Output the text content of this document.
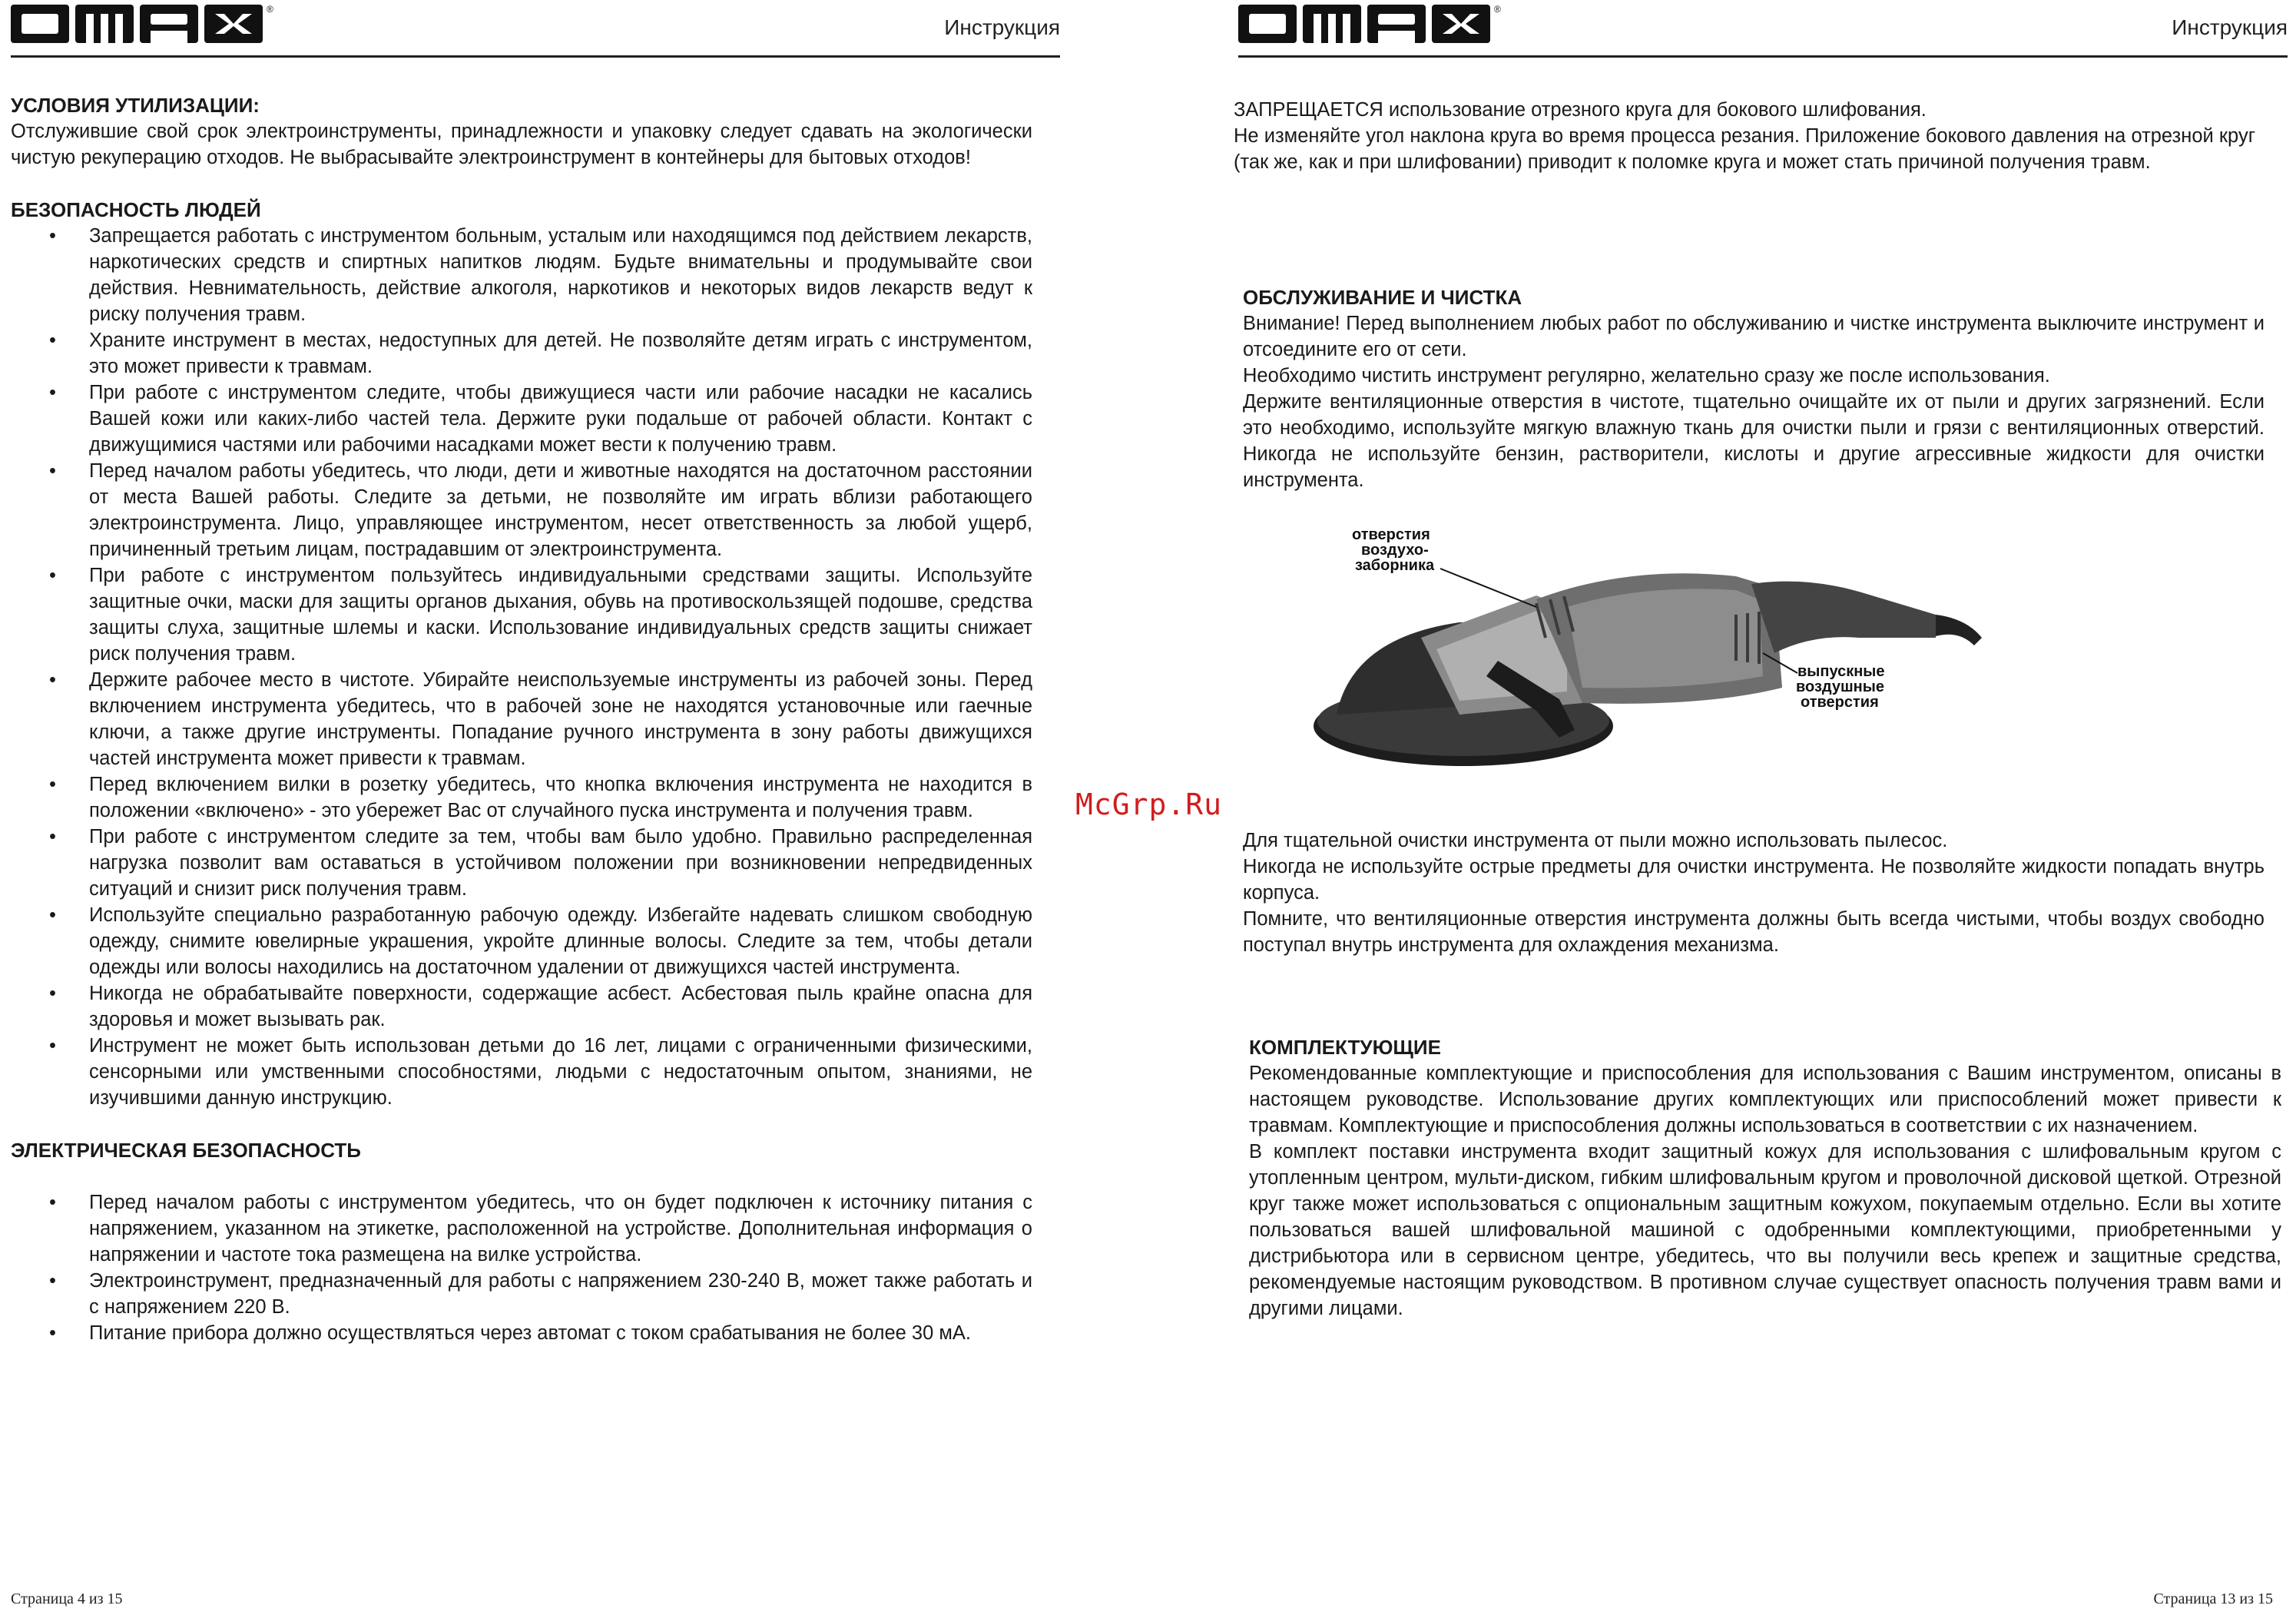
®
Инструкция
УСЛОВИЯ УТИЛИЗАЦИИ:

Отслужившие свой срок электроинструменты, принадлежности и упаковку следует сдавать на экологически чистую рекуперацию отходов. Не выбрасывайте электроинструмент в контейнеры для бытовых отходов!

БЕЗОПАСНОСТЬ ЛЮДЕЙ
• Запрещается работать с инструментом больным, усталым или находящимся под действием лекарств, наркотических средств и спиртных напитков людям. Будьте внимательны и продумывайте свои действия. Невнимательность, действие алкоголя, наркотиков и некоторых видов лекарств ведут к риску получения травм.
• Храните инструмент в местах, недоступных для детей. Не позволяйте детям играть с инструментом, это может привести к травмам.
• При работе с инструментом следите, чтобы движущиеся части или рабочие насадки не касались Вашей кожи или каких-либо частей тела. Держите руки подальше от рабочей области. Контакт с движущимися частями или рабочими насадками может вести к получению травм.
• Перед началом работы убедитесь, что люди, дети и животные находятся на достаточном расстоянии от места Вашей работы. Следите за детьми, не позволяйте им играть вблизи работающего электроинструмента. Лицо, управляющее инструментом, несет ответственность за любой ущерб, причиненный третьим лицам, пострадавшим от электроинструмента.
• При работе с инструментом пользуйтесь индивидуальными средствами защиты. Используйте защитные очки, маски для защиты органов дыхания, обувь на противоскользящей подошве, средства защиты слуха, защитные шлемы и каски. Использование индивидуальных средств защиты снижает риск получения травм.
• Держите рабочее место в чистоте. Убирайте неиспользуемые инструменты из рабочей зоны. Перед включением инструмента убедитесь, что в рабочей зоне не находятся установочные или гаечные ключи, а также другие инструменты. Попадание ручного инструмента в зону работы движущихся частей инструмента может привести к травмам.
• Перед включением вилки в розетку убедитесь, что кнопка включения инструмента не находится в положении «включено» - это убережет Вас от случайного пуска инструмента и получения травм.
• При работе с инструментом следите за тем, чтобы вам было удобно. Правильно распределенная нагрузка позволит вам оставаться в устойчивом положении при возникновении непредвиденных ситуаций и снизит риск получения травм.
• Используйте специально разработанную рабочую одежду. Избегайте надевать слишком свободную одежду, снимите ювелирные украшения, укройте длинные волосы. Следите за тем, чтобы детали одежды или волосы находились на достаточном удалении от движущихся частей инструмента.
• Никогда не обрабатывайте поверхности, содержащие асбест. Асбестовая пыль крайне опасна для здоровья и может вызывать рак.
• Инструмент не может быть использован детьми до 16 лет, лицами с ограниченными физическими, сенсорными или умственными способностями, людьми с недостаточным опытом, знаниями, не изучившими данную инструкцию.
ЭЛЕКТРИЧЕСКАЯ БЕЗОПАСНОСТЬ
• Перед началом работы с инструментом убедитесь, что он будет подключен к источнику питания с напряжением, указанном на этикетке, расположенной на устройстве. Дополнительная информация о напряжении и частоте тока размещена на вилке устройства.
• Электроинструмент, предназначенный для работы с напряжением 230-240 В, может также работать и с напряжением 220 В.
• Питание прибора должно осуществляться через автомат с током срабатывания не более 30 мА.
Страница 4 из 15
McGrp.Ru
®
Инструкция

ЗАПРЕЩАЕТСЯ использование отрезного круга для бокового шлифования.

Не изменяйте угол наклона круга во время процесса резания. Приложение бокового давления на отрезной круг (так же, как и при шлифовании) приводит к поломке круга и может стать причиной получения травм.

ОБСЛУЖИВАНИЕ И ЧИСТКА

Внимание! Перед выполнением любых работ по обслуживанию и чистке инструмента выключите инструмент и отсоедините его от сети.

Необходимо чистить инструмент регулярно, желательно сразу же после использования.

Держите вентиляционные отверстия в чистоте, тщательно очищайте их от пыли и других загрязнений. Если это необходимо, используйте мягкую влажную ткань для очистки пыли и грязи с вентиляционных отверстий. Никогда не используйте бензин, растворители, кислоты и другие агрессивные жидкости для очистки инструмента.

отверстия
воздухо-
заборника
выпускные
воздушные
отверстия

Для тщательной очистки инструмента от пыли можно использовать пылесос.

Никогда не используйте острые предметы для очистки инструмента. Не позволяйте жидкости попадать внутрь корпуса.

Помните, что вентиляционные отверстия инструмента должны быть всегда чистыми, чтобы воздух свободно поступал внутрь инструмента для охлаждения механизма.

КОМПЛЕКТУЮЩИЕ

Рекомендованные комплектующие и приспособления для использования с Вашим инструментом, описаны в настоящем руководстве. Использование других комплектующих или приспособлений может привести к травмам. Комплектующие и приспособления должны использоваться в соответствии с их назначением.

В комплект поставки инструмента входит защитный кожух для использования с шлифовальным кругом с утопленным центром, мульти-диском, гибким шлифовальным кругом и проволочной дисковой щеткой. Отрезной круг также может использоваться с опциональным защитным кожухом, покупаемым отдельно. Если вы хотите пользоваться вашей шлифовальной машиной с одобренными комплектующими, приобретенными у дистрибьютора или в сервисном центре, убедитесь, что вы получили весь крепеж и защитные средства, рекомендуемые настоящим руководством. В противном случае существует опасность получения травм вами и другими лицами.

Страница 13 из 15
